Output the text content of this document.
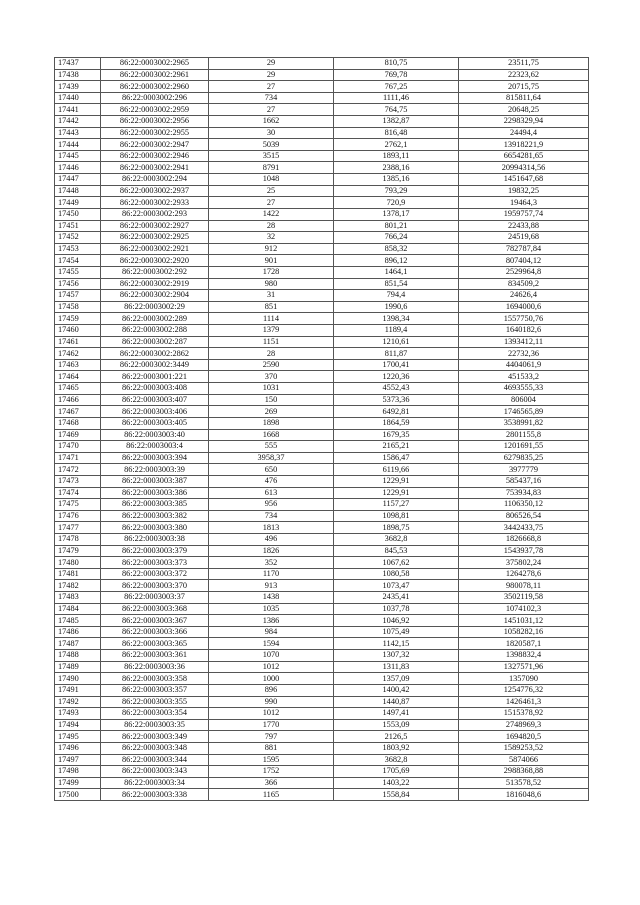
17437	86:22:0003002:2965	29	810,75	23511,75
17438	86:22:0003002:2961	29	769,78	22323,62
17439	86:22:0003002:2960	27	767,25	20715,75
17440	86:22:0003002:296	734	1111,46	815811,64
17441	86:22:0003002:2959	27	764,75	20648,25
17442	86:22:0003002:2956	1662	1382,87	2298329,94
17443	86:22:0003002:2955	30	816,48	24494,4
17444	86:22:0003002:2947	5039	2762,1	13918221,9
17445	86:22:0003002:2946	3515	1893,11	6654281,65
17446	86:22:0003002:2941	8791	2388,16	20994314,56
17447	86:22:0003002:294	1048	1385,16	1451647,68
17448	86:22:0003002:2937	25	793,29	19832,25
17449	86:22:0003002:2933	27	720,9	19464,3
17450	86:22:0003002:293	1422	1378,17	1959757,74
17451	86:22:0003002:2927	28	801,21	22433,88
17452	86:22:0003002:2925	32	766,24	24519,68
17453	86:22:0003002:2921	912	858,32	782787,84
17454	86:22:0003002:2920	901	896,12	807404,12
17455	86:22:0003002:292	1728	1464,1	2529964,8
17456	86:22:0003002:2919	980	851,54	834509,2
17457	86:22:0003002:2904	31	794,4	24626,4
17458	86:22:0003002:29	851	1990,6	1694000,6
17459	86:22:0003002:289	1114	1398,34	1557750,76
17460	86:22:0003002:288	1379	1189,4	1640182,6
17461	86:22:0003002:287	1151	1210,61	1393412,11
17462	86:22:0003002:2862	28	811,87	22732,36
17463	86:22:0003002:3449	2590	1700,41	4404061,9
17464	86:22:0003001:221	370	1220,36	451533,2
17465	86:22:0003003:408	1031	4552,43	4693555,33
17466	86:22:0003003:407	150	5373,36	806004
17467	86:22:0003003:406	269	6492,81	1746565,89
17468	86:22:0003003:405	1898	1864,59	3538991,82
17469	86:22:0003003:40	1668	1679,35	2801155,8
17470	86:22:0003003:4	555	2165,21	1201691,55
17471	86:22:0003003:394	3958,37	1586,47	6279835,25
17472	86:22:0003003:39	650	6119,66	3977779
17473	86:22:0003003:387	476	1229,91	585437,16
17474	86:22:0003003:386	613	1229,91	753934,83
17475	86:22:0003003:385	956	1157,27	1106350,12
17476	86:22:0003003:382	734	1098,81	806526,54
17477	86:22:0003003:380	1813	1898,75	3442433,75
17478	86:22:0003003:38	496	3682,8	1826668,8
17479	86:22:0003003:379	1826	845,53	1543937,78
17480	86:22:0003003:373	352	1067,62	375802,24
17481	86:22:0003003:372	1170	1080,58	1264278,6
17482	86:22:0003003:370	913	1073,47	980078,11
17483	86:22:0003003:37	1438	2435,41	3502119,58
17484	86:22:0003003:368	1035	1037,78	1074102,3
17485	86:22:0003003:367	1386	1046,92	1451031,12
17486	86:22:0003003:366	984	1075,49	1058282,16
17487	86:22:0003003:365	1594	1142,15	1820587,1
17488	86:22:0003003:361	1070	1307,32	1398832,4
17489	86:22:0003003:36	1012	1311,83	1327571,96
17490	86:22:0003003:358	1000	1357,09	1357090
17491	86:22:0003003:357	896	1400,42	1254776,32
17492	86:22:0003003:355	990	1440,87	1426461,3
17493	86:22:0003003:354	1012	1497,41	1515378,92
17494	86:22:0003003:35	1770	1553,09	2748969,3
17495	86:22:0003003:349	797	2126,5	1694820,5
17496	86:22:0003003:348	881	1803,92	1589253,52
17497	86:22:0003003:344	1595	3682,8	5874066
17498	86:22:0003003:343	1752	1705,69	2988368,88
17499	86:22:0003003:34	366	1403,22	513578,52
17500	86:22:0003003:338	1165	1558,84	1816048,6
